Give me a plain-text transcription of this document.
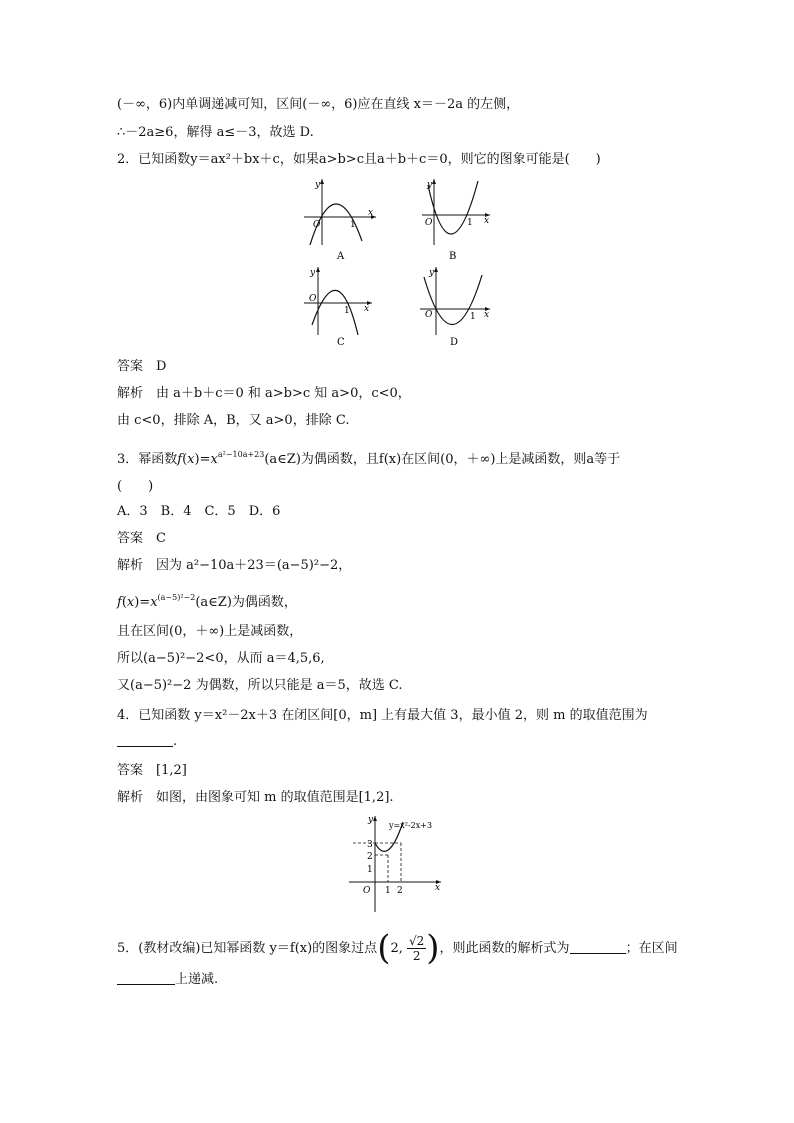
(－∞，6)内单调递减可知，区间(－∞，6)应在直线 x＝－2a 的左侧，
∴－2a≥6，解得 a≤－3，故选 D.
2．已知函数y＝ax²＋bx＋c，如果a>b>c且a＋b＋c＝0，则它的图象可能是(　　)
y
x
O	1
A
y
x
O	1
B
y
x
O
1
C
y
x
O	1
D
答案　D
解析　由 a＋b＋c＝0 和 a>b>c 知 a>0，c<0，
由 c<0，排除 A，B，又 a>0，排除 C.
3．幂函数$f(x)=x^{a^2-10a+23}(a\in Z)$为偶函数，且f(x)在区间(0，＋∞)上是减函数，则a等于
(　　)
A．3　B．4　C．5　D．6
答案　C
解析　因为 a²−10a＋23＝(a−5)²−2，
$f(x)=x^{(a-5)^2-2}(a\in Z)$为偶函数，
且在区间(0，＋∞)上是减函数，
所以(a−5)²−2<0，从而 a＝4,5,6,
又(a−5)²−2 为偶数，所以只能是 a＝5，故选 C.
4．已知函数 y＝x²－2x＋3 在闭区间[0，m] 上有最大值 3，最小值 2，则 m 的取值范围为
.
答案　[1,2]
解析　如图，由图象可知 m 的取值范围是[1,2].
y=x²-2x+3
y
x
O
3
2
1
1 2
5．(教材改编)已知幂函数 y＝f(x)的图象过点(2, $\frac{√2}{2}$ )，则此函数的解析式为	；在区间
上递减.
